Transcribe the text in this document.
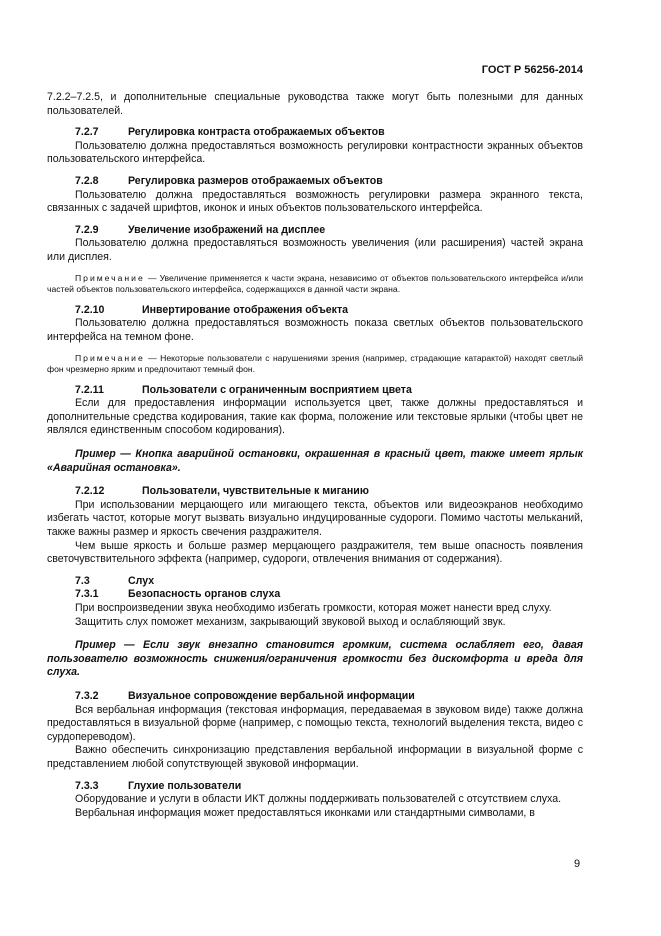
ГОСТ Р 56256-2014

7.2.2–7.2.5, и дополнительные специальные руководства также могут быть полезными для данных пользователей.

7.2.7	Регулировка контраста отображаемых объектов

Пользователю должна предоставляться возможность регулировки контрастности экранных объектов пользовательского интерфейса.

7.2.8	Регулировка размеров отображаемых объектов

Пользователю должна предоставляться возможность регулировки размера экранного текста, связанных с задачей шрифтов, иконок и иных объектов пользовательского интерфейса.

7.2.9	Увеличение изображений на дисплее

Пользователю должна предоставляться возможность увеличения (или расширения) частей экрана или дисплея.

Примечание — Увеличение применяется к части экрана, независимо от объектов пользовательского интерфейса и/или частей объектов пользовательского интерфейса, содержащихся в данной части экрана.

7.2.10	Инвертирование отображения объекта

Пользователю должна предоставляться возможность показа светлых объектов пользовательского интерфейса на темном фоне.

Примечание — Некоторые пользователи с нарушениями зрения (например, страдающие катарактой) находят светлый фон чрезмерно ярким и предпочитают темный фон.

7.2.11	Пользователи с ограниченным восприятием цвета

Если для предоставления информации используется цвет, также должны предоставляться и дополнительные средства кодирования, такие как форма, положение или текстовые ярлыки (чтобы цвет не являлся единственным способом кодирования).

Пример — Кнопка аварийной остановки, окрашенная в красный цвет, также имеет ярлык «Аварийная остановка».

7.2.12	Пользователи, чувствительные к миганию

При использовании мерцающего или мигающего текста, объектов или видеоэкранов необходимо избегать частот, которые могут вызвать визуально индуцированные судороги. Помимо частоты мельканий, также важны размер и яркость свечения раздражителя.

Чем выше яркость и больше размер мерцающего раздражителя, тем выше опасность появления светочувствительного эффекта (например, судороги, отвлечения внимания от содержания).

7.3	Слух
7.3.1	Безопасность органов слуха

При воспроизведении звука необходимо избегать громкости, которая может нанести вред слуху.

Защитить слух поможет механизм, закрывающий звуковой выход и ослабляющий звук.

Пример — Если звук внезапно становится громким, система ослабляет его, давая пользователю возможность снижения/ограничения громкости без дискомфорта и вреда для слуха.

7.3.2	Визуальное сопровождение вербальной информации

Вся вербальная информация (текстовая информация, передаваемая в звуковом виде) также должна предоставляться в визуальной форме (например, с помощью текста, технологий выделения текста, видео с сурдопереводом).

Важно обеспечить синхронизацию представления вербальной информации в визуальной форме с представлением любой сопутствующей звуковой информации.

7.3.3	Глухие пользователи

Оборудование и услуги в области ИКТ должны поддерживать пользователей с отсутствием слуха.

Вербальная информация может предоставляться иконками или стандартными символами, в

9
